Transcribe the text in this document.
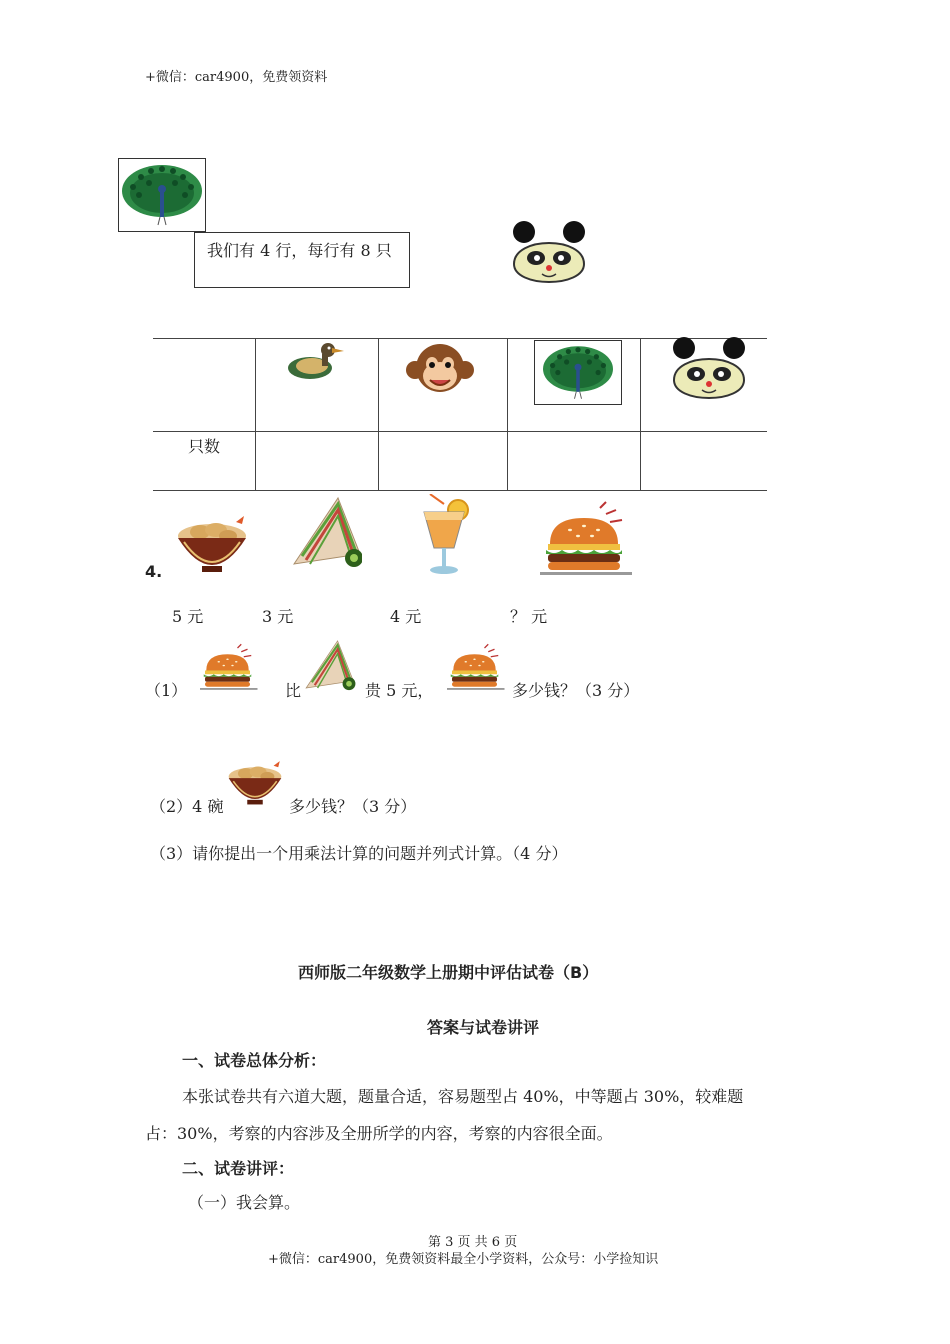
+微信：car4900，免费领资料
我们有 4 行，每行有 8 只
只数
4.
5 元	3 元	4 元	？ 元
（1）	比	贵 5 元，	多少钱？（3 分）
（2）4 碗	多少钱？（3 分）
（3）请你提出一个用乘法计算的问题并列式计算。（4 分）
西师版二年级数学上册期中评估试卷（B）
答案与试卷讲评
一、试卷总体分析：
本张试卷共有六道大题，题量合适，容易题型占 40%，中等题占 30%，较难题
占：30%，考察的内容涉及全册所学的内容，考察的内容很全面。
二、试卷讲评：
（一）我会算。
第 3 页 共 6 页
+微信：car4900，免费领资料最全小学资料，公众号：小学捡知识
